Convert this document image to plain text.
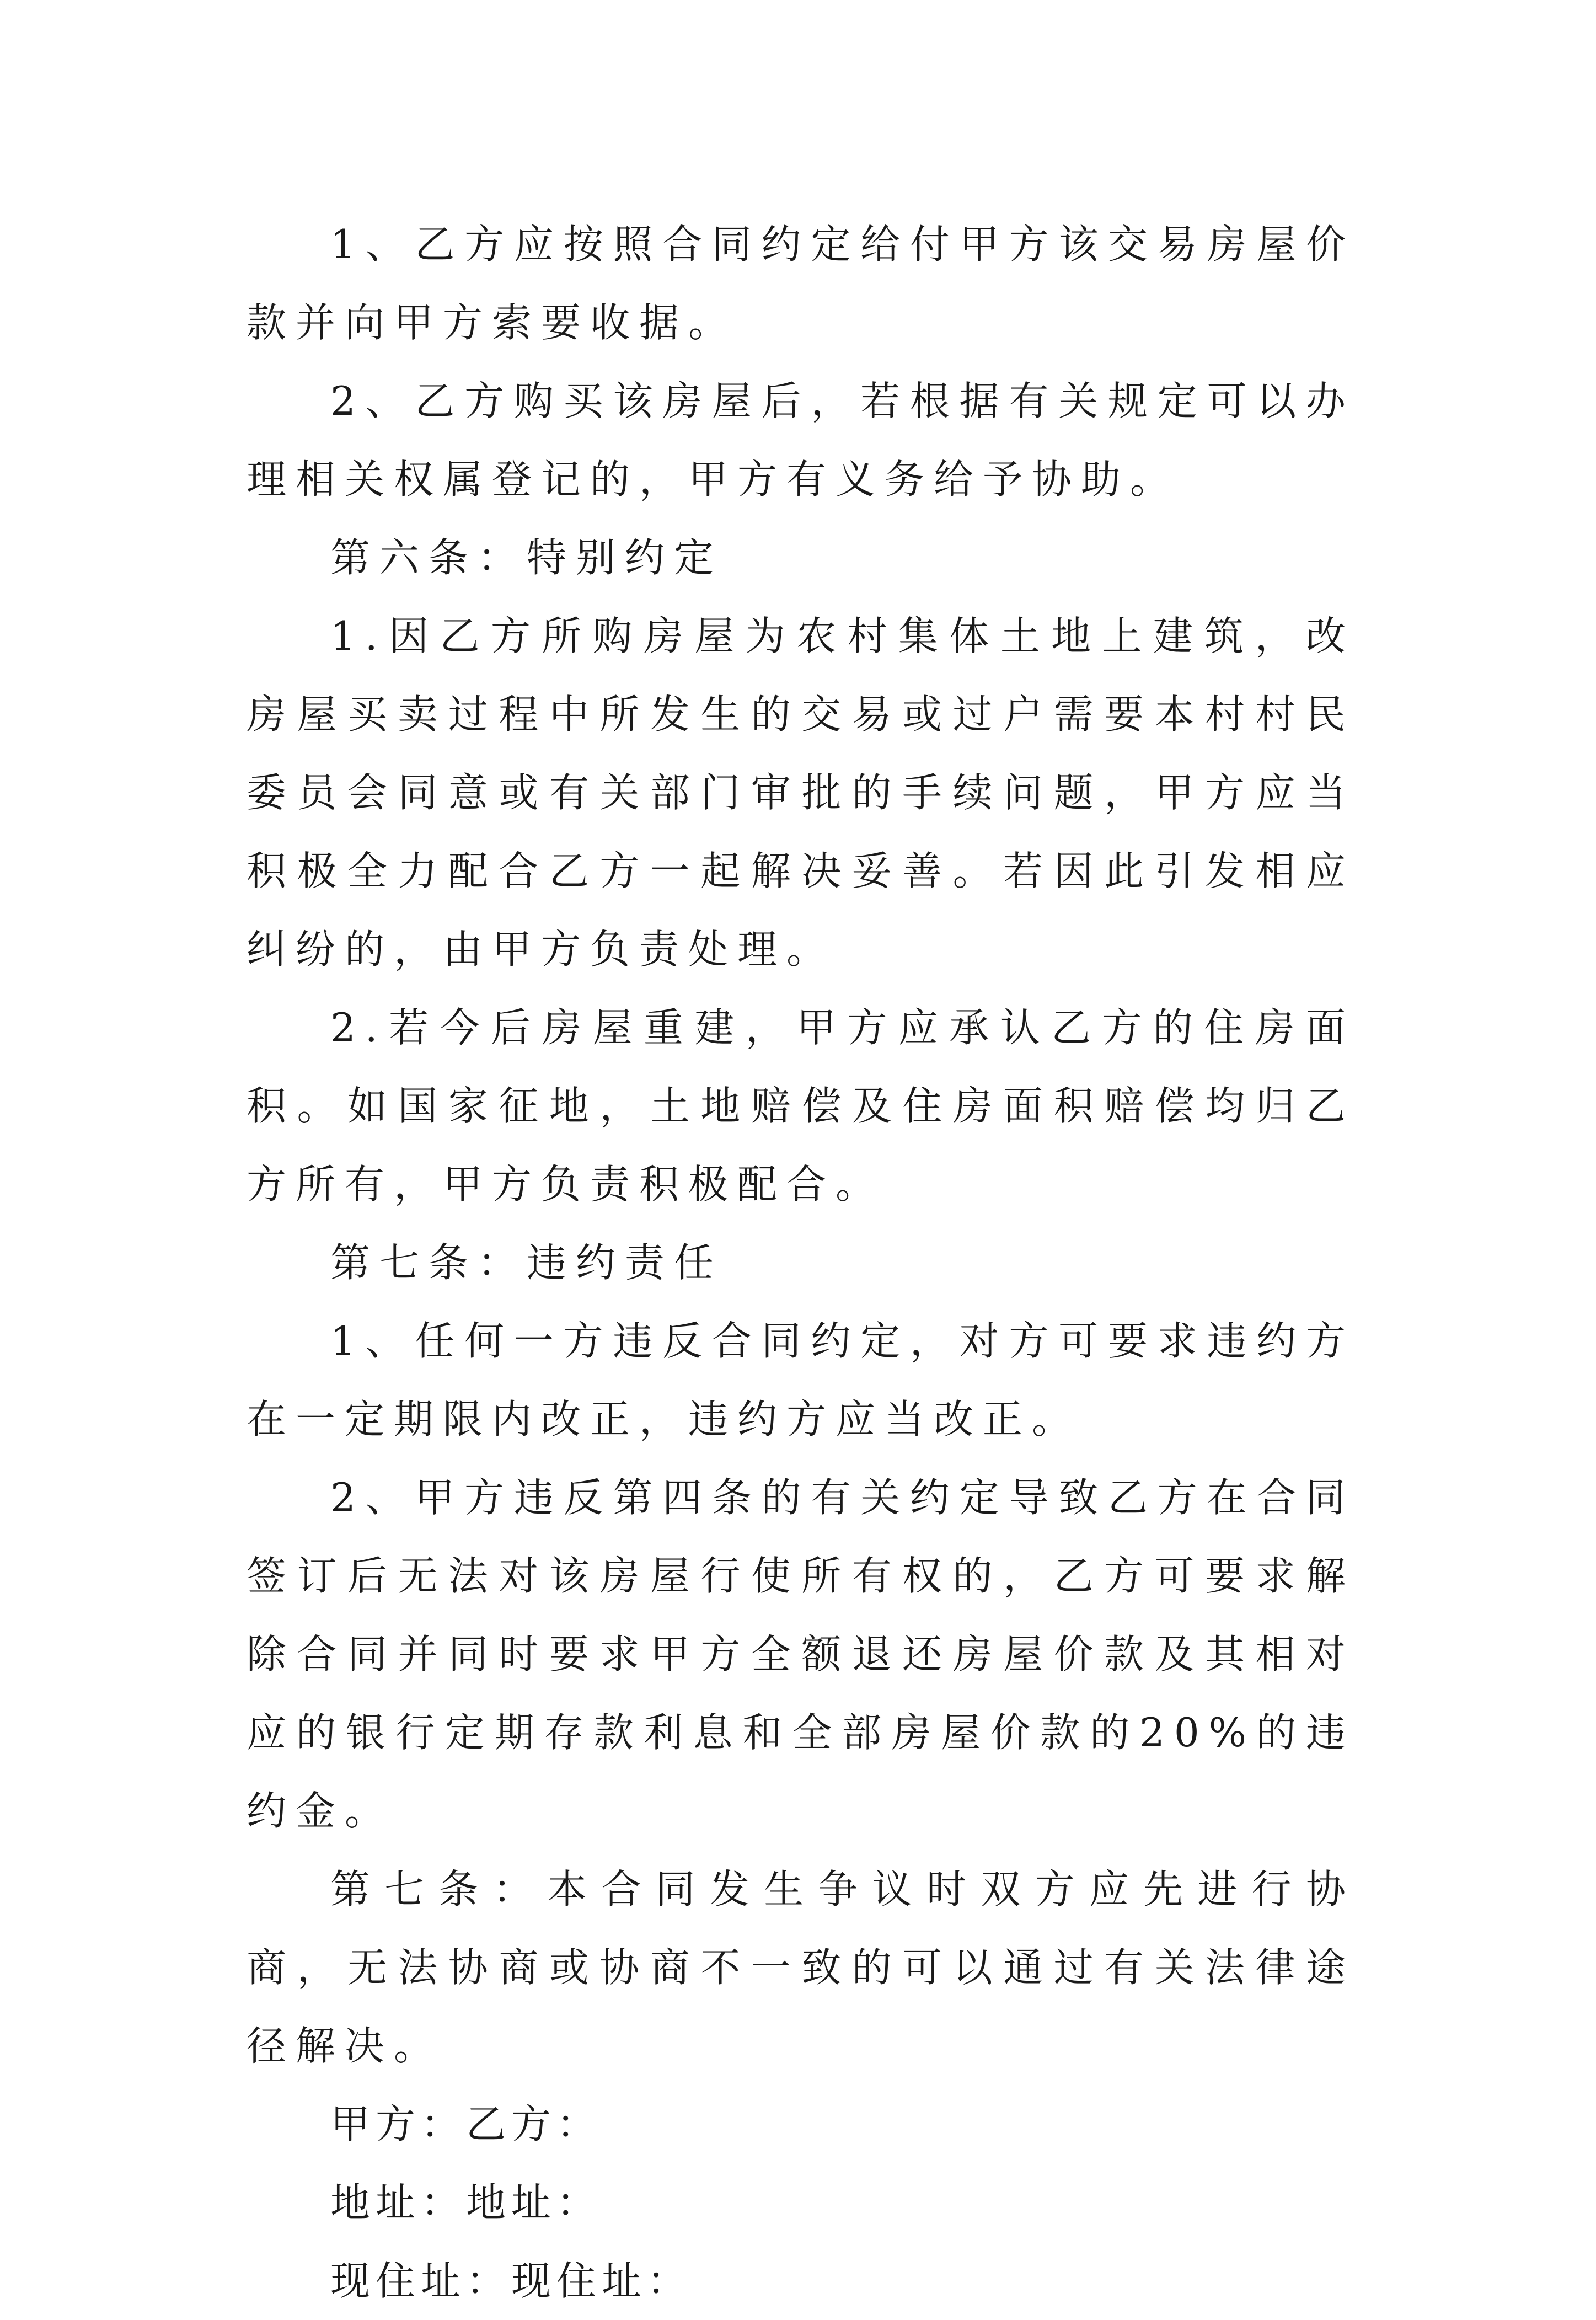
1、乙方应按照合同约定给付甲方该交易房屋价款并向甲方索要收据。

2、乙方购买该房屋后，若根据有关规定可以办理相关权属登记的，甲方有义务给予协助。

第六条：特别约定

1.因乙方所购房屋为农村集体土地上建筑，改房屋买卖过程中所发生的交易或过户需要本村村民委员会同意或有关部门审批的手续问题，甲方应当积极全力配合乙方一起解决妥善。若因此引发相应纠纷的，由甲方负责处理。

2.若今后房屋重建，甲方应承认乙方的住房面积。如国家征地，土地赔偿及住房面积赔偿均归乙方所有，甲方负责积极配合。

第七条：违约责任

1、任何一方违反合同约定，对方可要求违约方在一定期限内改正，违约方应当改正。

2、甲方违反第四条的有关约定导致乙方在合同签订后无法对该房屋行使所有权的，乙方可要求解除合同并同时要求甲方全额退还房屋价款及其相对应的银行定期存款利息和全部房屋价款的20%的违约金。

第七条：本合同发生争议时双方应先进行协商，无法协商或协商不一致的可以通过有关法律途径解决。

甲方：乙方：

地址：地址：

现住址：现住址：
